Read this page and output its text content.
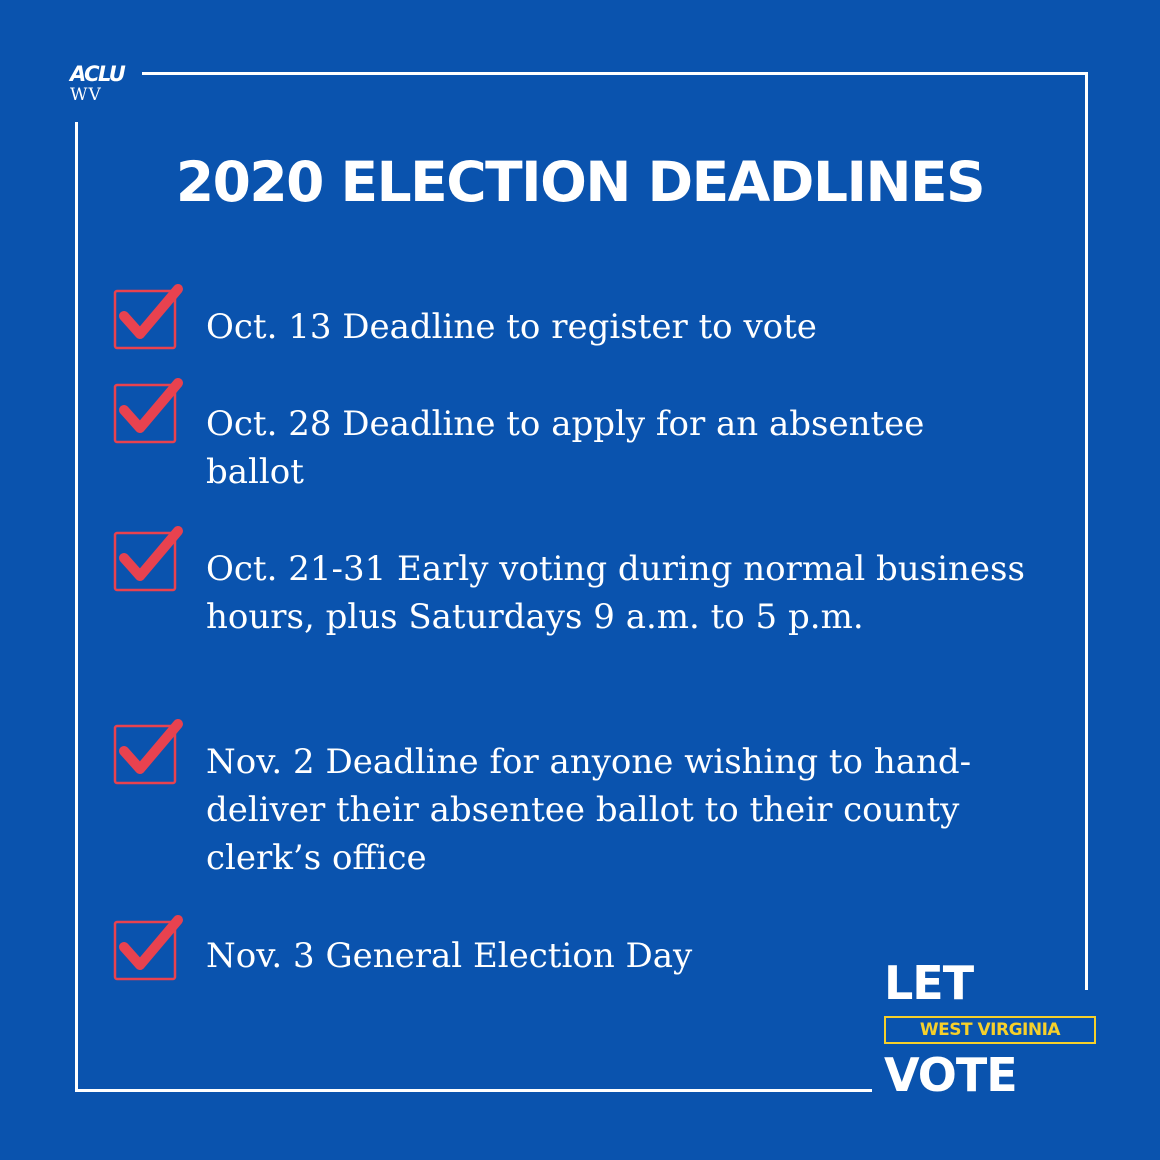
ACLU
WV
2020 ELECTION DEADLINES
Oct. 13 Deadline to register to vote
Oct. 28 Deadline to apply for an absentee ballot
Oct. 21-31 Early voting during normal business hours, plus Saturdays 9 a.m. to 5 p.m.
Nov. 2 Deadline for anyone wishing to hand-deliver their absentee ballot to their county clerk’s office
Nov. 3 General Election Day	LET
WEST VIRGINIA
VOTE
